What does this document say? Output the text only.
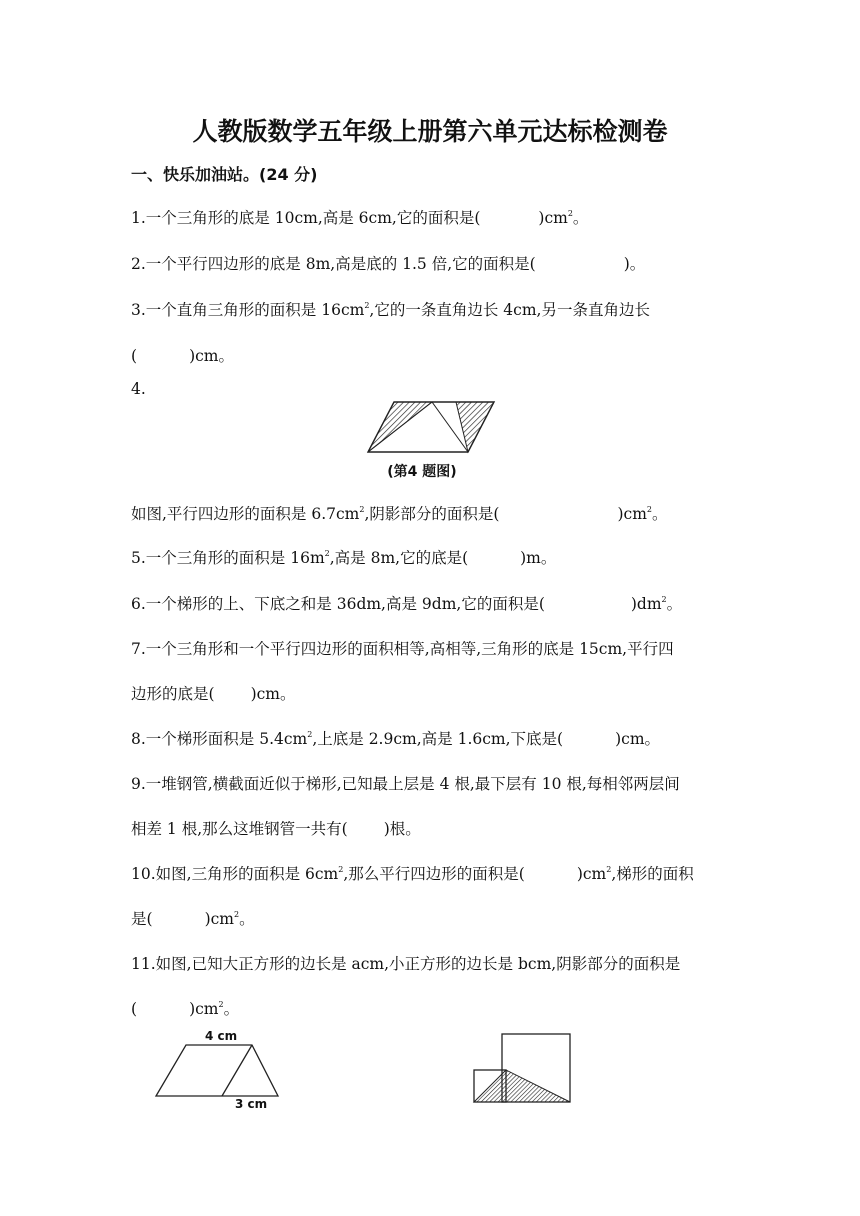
人教版数学五年级上册第六单元达标检测卷
一、快乐加油站。(24 分)
1.一个三角形的底是 10cm,高是 6cm,它的面积是(	)$cm^2$。
2.一个平行四边形的底是 8m,高是底的 1.5 倍,它的面积是(	)。
3.一个直角三角形的面积是 $16cm^2$,它的一条直角边长 4cm,另一条直角边长
(	)cm。
4.
(第4 题图)
如图,平行四边形的面积是 $6.7cm^2$,阴影部分的面积是(	)$cm^2$。
5.一个三角形的面积是 $16m^2$,高是 8m,它的底是(	)m。
6.一个梯形的上、下底之和是 36dm,高是 9dm,它的面积是(	)$dm^2$。
7.一个三角形和一个平行四边形的面积相等,高相等,三角形的底是 15cm,平行四
边形的底是( )cm。
8.一个梯形面积是 $5.4cm^2$,上底是 2.9cm,高是 1.6cm,下底是(	)cm。
9.一堆钢管,横截面近似于梯形,已知最上层是 4 根,最下层有 10 根,每相邻两层间
相差 1 根,那么这堆钢管一共有( )根。
10.如图,三角形的面积是 $6cm^2$,那么平行四边形的面积是(	)$cm^2$,梯形的面积
是(	)$cm^2$。
11.如图,已知大正方形的边长是 acm,小正方形的边长是 bcm,阴影部分的面积是
(	)$cm^2$。
4 cm
3 cm
